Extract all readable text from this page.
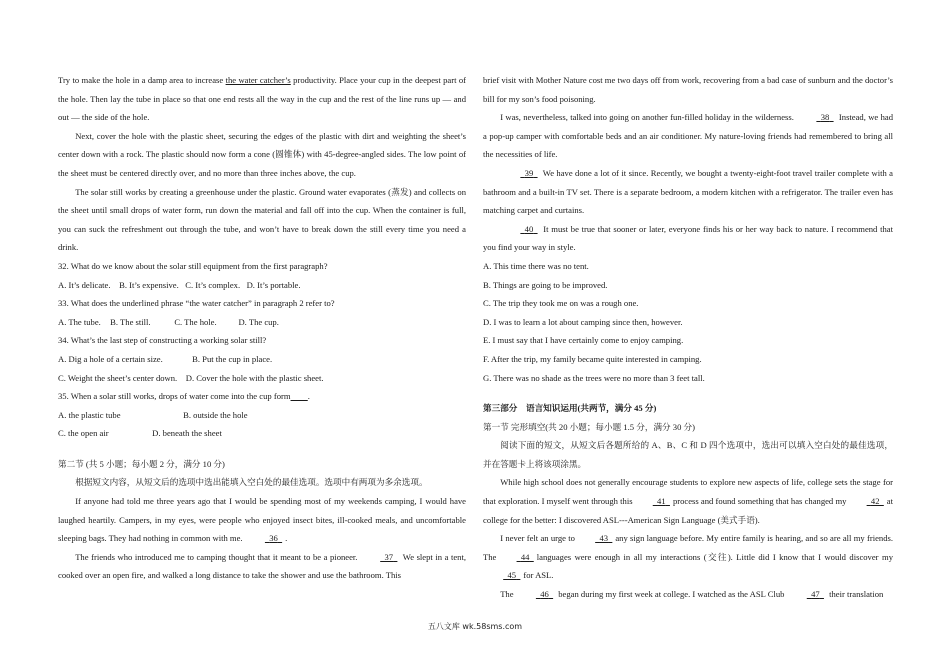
Try to make the hole in a damp area to increase the water catcher’s productivity. Place your cup in the deepest part of the hole. Then lay the tube in place so that one end rests all the way in the cup and the rest of the line runs up — and out — the side of the hole.

Next, cover the hole with the plastic sheet, securing the edges of the plastic with dirt and weighting the sheet’s center down with a rock. The plastic should now form a cone (圆锥体) with 45-degree-angled sides. The low point of the sheet must be centered directly over, and no more than three inches above, the cup.

The solar still works by creating a greenhouse under the plastic. Ground water evaporates (蒸发) and collects on the sheet until small drops of water form, run down the material and fall off into the cup. When the container is full, you can suck the refreshment out through the tube, and won’t have to break down the still every time you need a drink.

32. What do we know about the solar still equipment from the first paragraph?

A. It’s delicate. B. It’s expensive. C. It’s complex. D. It’s portable.

33. What does the underlined phrase “the water catcher” in paragraph 2 refer to?

A. The tube. B. The still.	C. The hole.	D. The cup.

34. What’s the last step of constructing a working solar still?

A. Dig a hole of a certain size.	B. Put the cup in place.

C. Weight the sheet’s center down. D. Cover the hole with the plastic sheet.

35. When a solar still works, drops of water come into the cup form .

A. the plastic tube	B. outside the hole

C. the open air	D. beneath the sheet

第二节 (共 5 小题；每小题 2 分，满分 10 分)

根据短文内容，从短文后的选项中选出能填入空白处的最佳选项。选项中有两项为多余选项。

If anyone had told me three years ago that I would be spending most of my weekends camping, I would have laughed heartily. Campers, in my eyes, were people who enjoyed insect bites, ill-cooked meals, and uncomfortable sleeping bags. They had nothing in common with me.	36 .

The friends who introduced me to camping thought that it meant to be a pioneer.	37   We slept in a tent, cooked over an open fire, and walked a long distance to take the shower and use the bathroom. This

brief visit with Mother Nature cost me two days off from work, recovering from a bad case of sunburn and the doctor’s bill for my son’s food poisoning.

I was, nevertheless, talked into going on another fun-filled holiday in the wilderness.	38   Instead, we had a pop-up camper with comfortable beds and an air conditioner. My nature-loving friends had remembered to bring all the necessities of life.

39   We have done a lot of it since. Recently, we bought a twenty-eight-foot travel trailer complete with a bathroom and a built-in TV set. There is a separate bedroom, a modern kitchen with a refrigerator. The trailer even has matching carpet and curtains.

40   It must be true that sooner or later, everyone finds his or her way back to nature. I recommend that you find your way in style.

A. This time there was no tent.

B. Things are going to be improved.

C. The trip they took me on was a rough one.

D. I was to learn a lot about camping since then, however.

E. I must say that I have certainly come to enjoy camping.

F. After the trip, my family became quite interested in camping.

G. There was no shade as the trees were no more than 3 feet tall.

第三部分　语言知识运用(共两节，满分 45 分)

第一节 完形填空(共 20 小题；每小题 1.5 分，满分 30 分)

阅读下面的短文，从短文后各题所给的 A、B、C 和 D 四个选项中，选出可以填入空白处的最佳选项，并在答题卡上将该项涂黑。

While high school does not generally encourage students to explore new aspects of life, college sets the stage for that exploration. I myself went through this	41 process and found something that has changed my	42 at college for the better: I discovered ASL---American Sign Language (美式手语).

I never felt an urge to	43 any sign language before. My entire family is hearing, and so are all my friends. The	44 languages were enough in all my interactions (交往). Little did I know that I would discover my  45 for ASL.

The	46 began during my first week at college. I watched as the ASL Club	47 their translation

五八文库 wk.58sms.com
